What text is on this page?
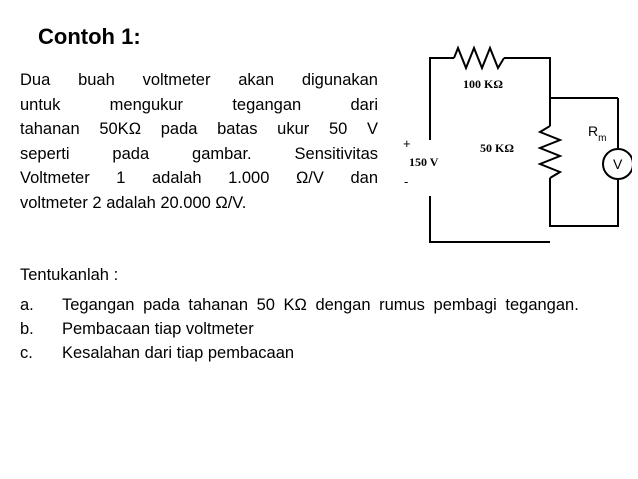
Contoh 1:

Dua buah voltmeter akan digunakan
untuk mengukur tegangan dari
tahanan 50KΩ pada batas ukur 50 V
seperti pada gambar. Sensitivitas
Voltmeter 1 adalah 1.000 Ω/V dan
voltmeter 2 adalah 20.000 Ω/V.

100 KΩ
50 KΩ
150 V
+
-
$R_m$
V
Tentukanlah :
a. Tegangan pada tahanan 50 KΩ dengan rumus pembagi tegangan.
b. Pembacaan tiap voltmeter
c. Kesalahan dari tiap pembacaan
